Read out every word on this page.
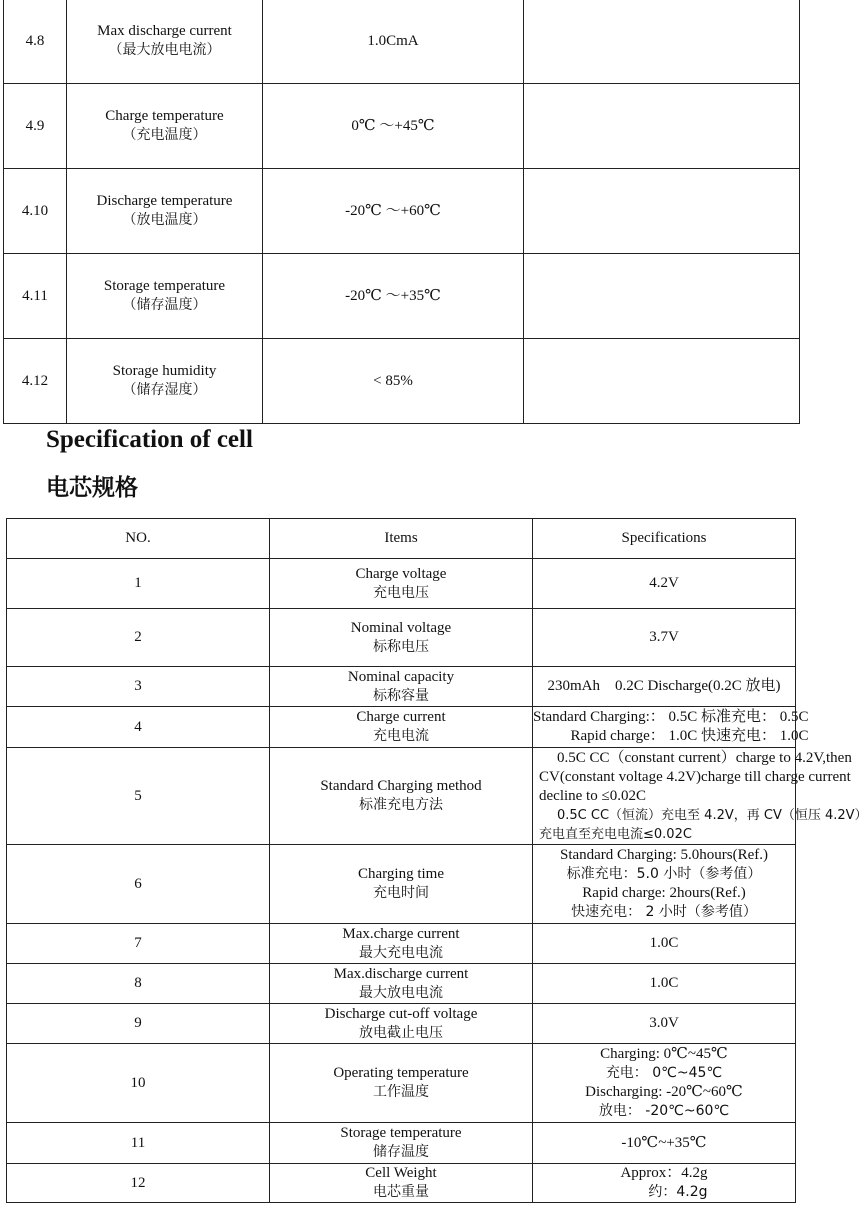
4.8	Max discharge current
（最大放电电流）	1.0CmA	
4.9	Charge temperature
（充电温度）	0℃ ～+45℃	
4.10	Discharge temperature
（放电温度）	-20℃ ～+60℃	
4.11	Storage temperature
（储存温度）	-20℃ ～+35℃	
4.12	Storage humidity
（储存湿度）	< 85%	
Specification of cell
电芯规格
NO.	Items	Specifications
1	Charge voltage
充电电压	4.2V

2	Nominal voltage
标称电压	3.7V

3	Nominal capacity
标称容量	230mAh　0.2C Discharge(0.2C 放电)

4	Charge current
充电电流	Standard Charging:： 0.5C 标准充电： 0.5C
Rapid charge： 1.0C 快速充电： 1.0C

5	Standard Charging method
标准充电方法	0.5C CC（constant current）charge to 4.2V,then
CV(constant voltage 4.2V)charge till charge current
decline to ≤0.02C
0.5C CC（恒流）充电至 4.2V，再 CV（恒压 4.2V）
充电直至充电电流≤0.02C

6	Charging time
充电时间	Standard Charging: 5.0hours(Ref.)
标准充电：5.0 小时（参考值）
Rapid charge: 2hours(Ref.)
快速充电： 2 小时（参考值）

7	Max.charge current
最大充电电流	1.0C

8	Max.discharge current
最大放电电流	1.0C

9	Discharge cut-off voltage
放电截止电压	3.0V

10	Operating temperature
工作温度	Charging: 0℃~45℃
充电： 0℃~45℃
Discharging: -20℃~60℃
放电： -20℃~60℃

11	Storage temperature
储存温度	-10℃~+35℃

12	Cell Weight
电芯重量	Approx：4.2g
约：4.2g
